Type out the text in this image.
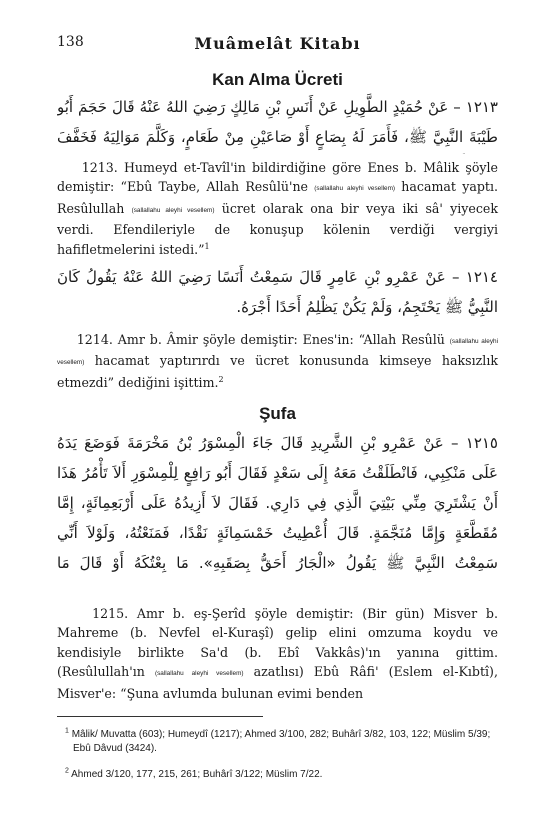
138	Muâmelât Kitabı
Kan Alma Ücreti
١٢١٣ – عَنْ حُمَيْدٍ الطَّوِيلِ عَنْ أَنَسِ بْنِ مَالِكٍ رَضِيَ اللهُ عَنْهُ قَالَ حَجَمَ أَبُو طَيْبَةَ النَّبِيَّ ﷺ، فَأَمَرَ لَهُ بِصَاعٍ أَوْ صَاعَيْنِ مِنْ طَعَامٍ، وَكَلَّمَ مَوَالِيَهُ فَخَفَّفَ
1213. Humeyd et-Tavîl'in bildirdiğine göre Enes b. Mâlik şöyle demiştir: “Ebû Taybe, Allah Resûlü'ne (sallallahu aleyhi vesellem) hacamat yaptı. Resûlullah (sallallahu aleyhi vesellem) ücret olarak ona bir veya iki sâ' yiyecek verdi. Efendileriyle de konuşup kölenin verdiği vergiyi hafifletmelerini istedi.”$^1$
١٢١٤ – عَنْ عَمْرِو بْنِ عَامِرٍ قَالَ سَمِعْتُ أَنَسًا رَضِيَ اللهُ عَنْهُ يَقُولُ كَانَ النَّبِيُّ ﷺ يَحْتَجِمُ، وَلَمْ يَكُنْ يَظْلِمُ أَحَدًا أَجْرَهُ.
1214. Amr b. Âmir şöyle demiştir: Enes'in: “Allah Resûlü (sallallahu aleyhi vesellem) hacamat yaptırırdı ve ücret konusunda kimseye haksızlık etmezdi” dediğini işittim.$^2$
Şufa
١٢١٥ – عَنْ عَمْرِو بْنِ الشَّرِيدِ قَالَ جَاءَ الْمِسْوَرُ بْنُ مَخْرَمَةَ فَوَضَعَ يَدَهُ عَلَى مَنْكِبِي، فَانْطَلَقْتُ مَعَهُ إِلَى سَعْدٍ فَقَالَ أَبُو رَافِعٍ لِلْمِسْوَرِ أَلاَ تَأْمُرُ هَذَا أَنْ يَشْتَرِيَ مِنِّي بَيْتِيَ الَّذِي فِي دَارِي. فَقَالَ لاَ أَزِيدُهُ عَلَى أَرْبَعِمِائَةٍ، إِمَّا مُقَطَّعَةٍ وَإِمَّا مُنَجَّمَةٍ. قَالَ أُعْطِيتُ خَمْسَمِائَةٍ نَقْدًا، فَمَنَعْتُهُ، وَلَوْلاَ أَنِّي سَمِعْتُ النَّبِيَّ ﷺ يَقُولُ «الْجَارُ أَحَقُّ بِصَقَبِهِ». مَا بِعْتُكَهُ أَوْ قَالَ مَا
1215. Amr b. eş-Şerîd şöyle demiştir: (Bir gün) Misver b. Mahreme (b. Nevfel el-Kuraşî) gelip elini omzuma koydu ve kendisiyle birlikte Sa'd (b. Ebî Vakkâs)'ın yanına gittim. (Resûlullah'ın (sallallahu aleyhi vesellem) azatlısı) Ebû Râfi' (Eslem el-Kıbtî), Misver'e: “Şuna avlumda bulunan evimi benden
$^1$ Mâlik/ Muvatta (603); Humeydî (1217); Ahmed 3/100, 282; Buhârî 3/82, 103, 122; Müslim 5/39; Ebû Dâvud (3424).
$^2$ Ahmed 3/120, 177, 215, 261; Buhârî 3/122; Müslim 7/22.
